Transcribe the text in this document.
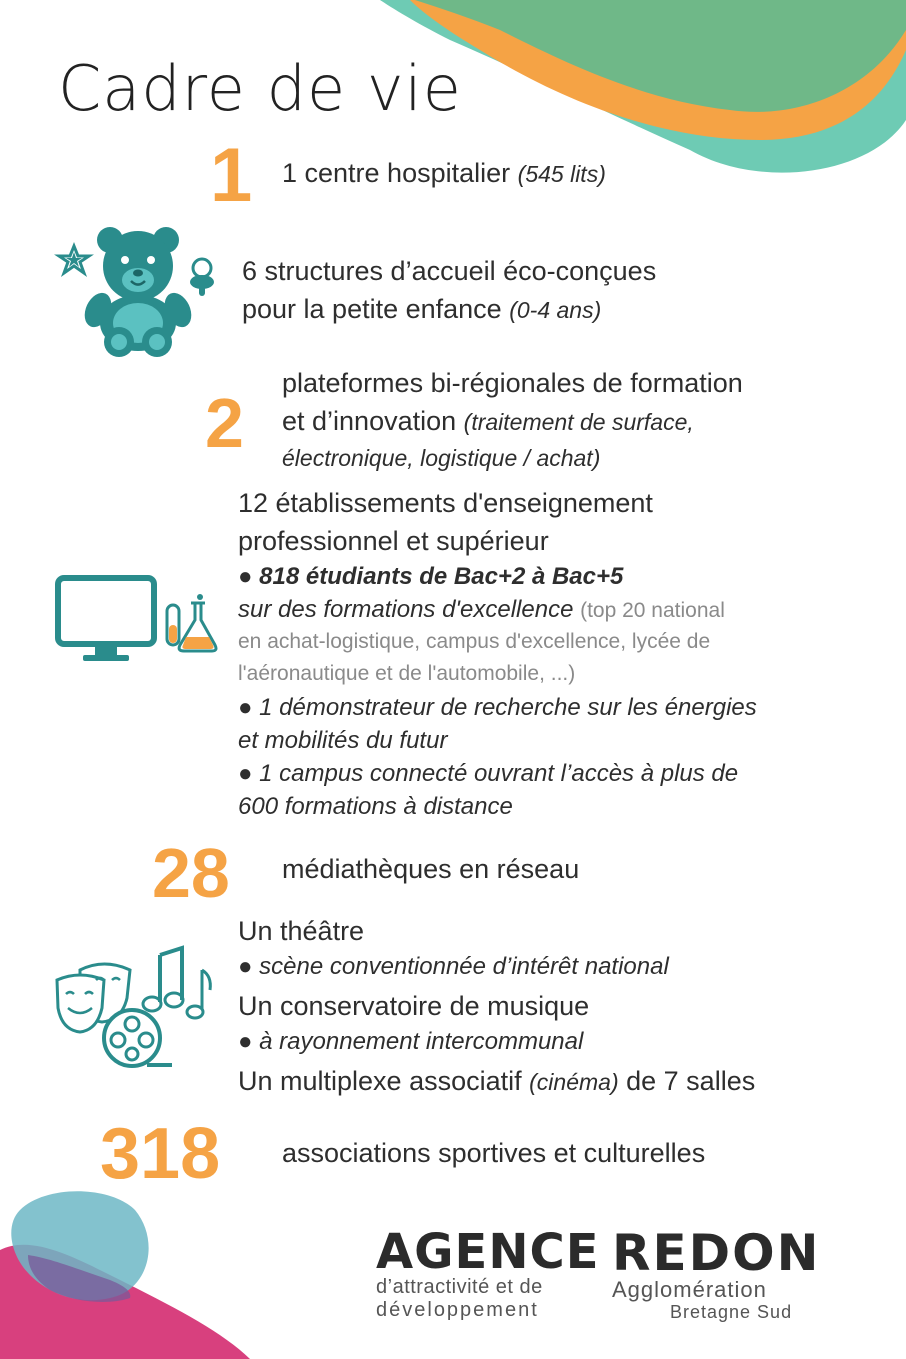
Cadre de vie
1 1 centre hospitalier (545 lits)
6 structures d’accueil éco-conçues
pour la petite enfance (0-4 ans)
2
plateformes bi-régionales de formation
et d’innovation (traitement de surface,
électronique, logistique / achat)
12 établissements d'enseignement
professionnel et supérieur
● 818 étudiants de Bac+2 à Bac+5
sur des formations d'excellence (top 20 national
en achat-logistique, campus d'excellence, lycée de
l'aéronautique et de l'automobile, ...)
● 1 démonstrateur de recherche sur les énergies
et mobilités du futur
● 1 campus connecté ouvrant l’accès à plus de
600 formations à distance
28 médiathèques en réseau
Un théâtre
● scène conventionnée d’intérêt national
Un conservatoire de musique
● à rayonnement intercommunal
Un multiplexe associatif (cinéma) de 7 salles
318 associations sportives et culturelles
AGENCE
d’attractivité et de
développement
REDON
Agglomération
Bretagne Sud
